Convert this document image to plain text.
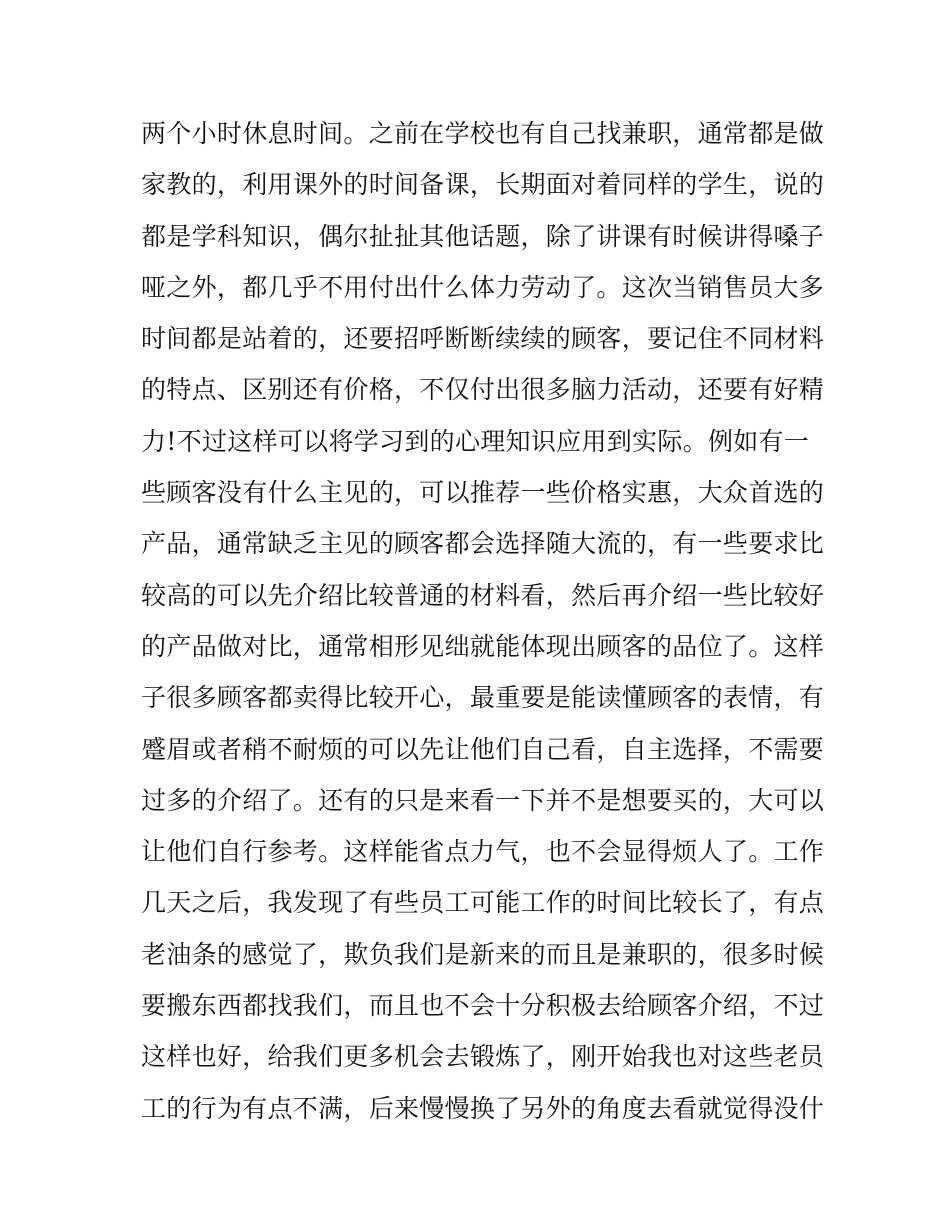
两个小时休息时间。之前在学校也有自己找兼职，通常都是做
家教的，利用课外的时间备课，长期面对着同样的学生，说的
都是学科知识，偶尔扯扯其他话题，除了讲课有时候讲得嗓子
哑之外，都几乎不用付出什么体力劳动了。这次当销售员大多
时间都是站着的，还要招呼断断续续的顾客，要记住不同材料
的特点、区别还有价格，不仅付出很多脑力活动，还要有好精
力!不过这样可以将学习到的心理知识应用到实际。例如有一
些顾客没有什么主见的，可以推荐一些价格实惠，大众首选的
产品，通常缺乏主见的顾客都会选择随大流的，有一些要求比
较高的可以先介绍比较普通的材料看，然后再介绍一些比较好
的产品做对比，通常相形见绌就能体现出顾客的品位了。这样
子很多顾客都卖得比较开心，最重要是能读懂顾客的表情，有
蹙眉或者稍不耐烦的可以先让他们自己看，自主选择，不需要
过多的介绍了。还有的只是来看一下并不是想要买的，大可以
让他们自行参考。这样能省点力气，也不会显得烦人了。工作
几天之后，我发现了有些员工可能工作的时间比较长了，有点
老油条的感觉了，欺负我们是新来的而且是兼职的，很多时候
要搬东西都找我们，而且也不会十分积极去给顾客介绍，不过
这样也好，给我们更多机会去锻炼了，刚开始我也对这些老员
工的行为有点不满，后来慢慢换了另外的角度去看就觉得没什
